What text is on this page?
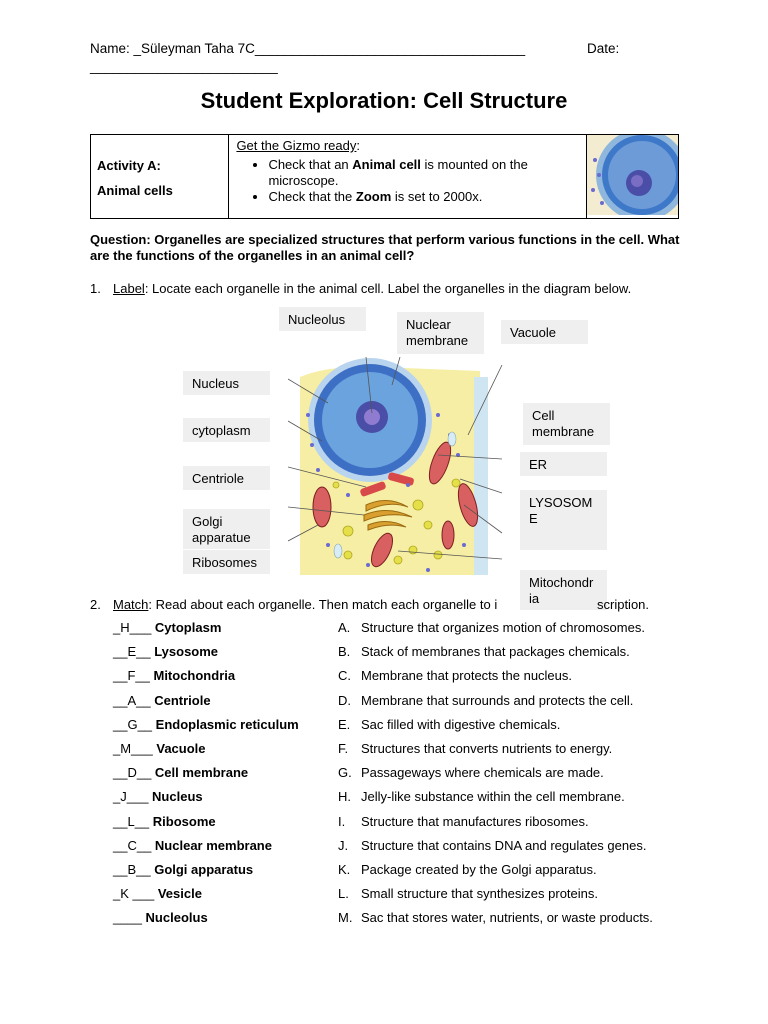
Name: _Süleyman Taha 7C____________________________________	Date:
_________________________
Student Exploration: Cell Structure
Activity A:
Animal cells

Get the Gizmo ready:
• Check that an Animal cell is mounted on the microscope.
• Check that the Zoom is set to 2000x.

Question: Organelles are specialized structures that perform various functions in the cell. What are the functions of the organelles in an animal cell?
1. Label: Locate each organelle in the animal cell. Label the organelles in the diagram below.
Nucleolus	Nuclear membrane
Vacuole
Nucleus
cytoplasm
Centriole
Golgi apparatue
Ribosomes
Cell membrane
ER
LYSOSOM E
Mitochondr ia
2. Match: Read about each organelle. Then match each organelle to i	scription.
_H___ Cytoplasm	A. Structure that organizes motion of chromosomes.
__E__ Lysosome	B. Stack of membranes that packages chemicals.
__F__ Mitochondria	C. Membrane that protects the nucleus.
__A__ Centriole	D. Membrane that surrounds and protects the cell.
__G__ Endoplasmic reticulum	E. Sac filled with digestive chemicals.
_M___ Vacuole	F. Structures that converts nutrients to energy.
__D__ Cell membrane	G. Passageways where chemicals are made.
_J___ Nucleus	H. Jelly-like substance within the cell membrane.
__L__ Ribosome	I.	Structure that manufactures ribosomes.
__C__ Nuclear membrane	J. Structure that contains DNA and regulates genes.
__B__ Golgi apparatus	K. Package created by the Golgi apparatus.
_K ___ Vesicle	L. Small structure that synthesizes proteins.
____ Nucleolus	M. Sac that stores water, nutrients, or waste products.
